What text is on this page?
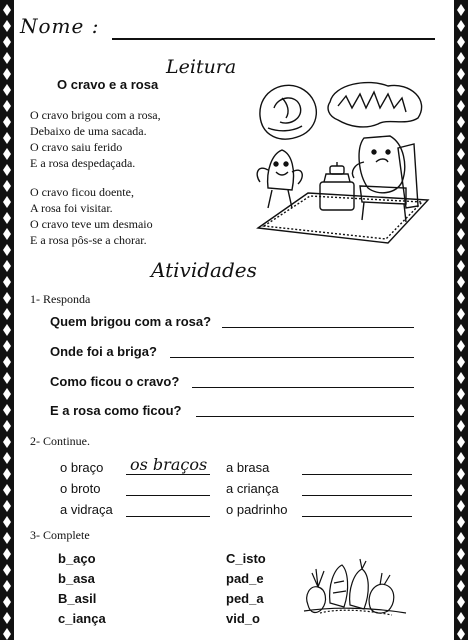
Nome :
Leitura
O cravo e a rosa
O cravo brigou com a rosa,
Debaixo de uma sacada.
O cravo saiu ferido
E a rosa despedaçada.
O cravo ficou doente,
A rosa foi visitar.
O cravo teve um desmaio
E a rosa pôs-se a chorar.
Atividades
1- Responda
Quem brigou com a rosa?
Onde foi a briga?
Como ficou o cravo?
E a rosa como ficou?
2- Continue.
o braço os braços a brasa
o broto	a criança
a vidraça	o padrinho
3- Complete
b_aço
b_asa
B_asil
c_iança
C_isto
pad_e
ped_a
vid_o
